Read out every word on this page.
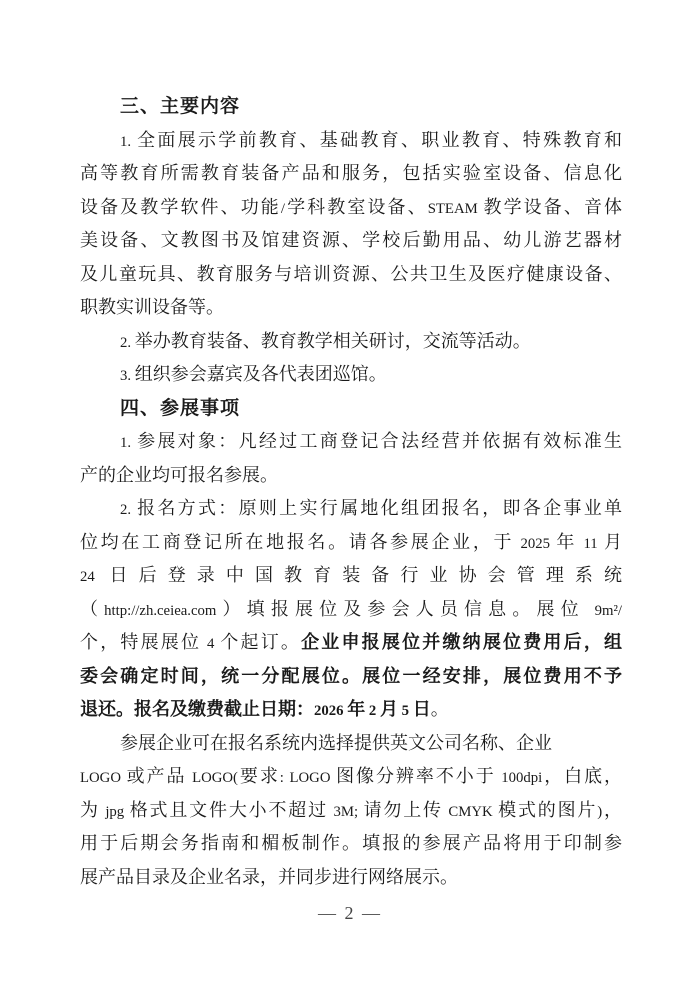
三、主要内容
1. 全面展示学前教育、基础教育、职业教育、特殊教育和
高等教育所需教育装备产品和服务，包括实验室设备、信息化
设备及教学软件、功能/学科教室设备、STEAM 教学设备、音体
美设备、文教图书及馆建资源、学校后勤用品、幼儿游艺器材
及儿童玩具、教育服务与培训资源、公共卫生及医疗健康设备、
职教实训设备等。
2. 举办教育装备、教育教学相关研讨，交流等活动。
3. 组织参会嘉宾及各代表团巡馆。
四、参展事项
1. 参展对象：凡经过工商登记合法经营并依据有效标准生
产的企业均可报名参展。
2. 报名方式：原则上实行属地化组团报名，即各企事业单
位均在工商登记所在地报名。请各参展企业，于 2025 年 11 月
24 日后登录中国教育装备行业协会管理系统
（http://zh.ceiea.com）填报展位及参会人员信息。展位 9m²/
个，特展展位 4 个起订。企业申报展位并缴纳展位费用后，组
委会确定时间，统一分配展位。展位一经安排，展位费用不予
退还。报名及缴费截止日期：2026 年 2 月 5 日。
参展企业可在报名系统内选择提供英文公司名称、企业
LOGO 或产品 LOGO(要求: LOGO 图像分辨率不小于 100dpi，白底，
为 jpg 格式且文件大小不超过 3M; 请勿上传 CMYK 模式的图片)，
用于后期会务指南和楣板制作。填报的参展产品将用于印制参
展产品目录及企业名录，并同步进行网络展示。
— 2 —
